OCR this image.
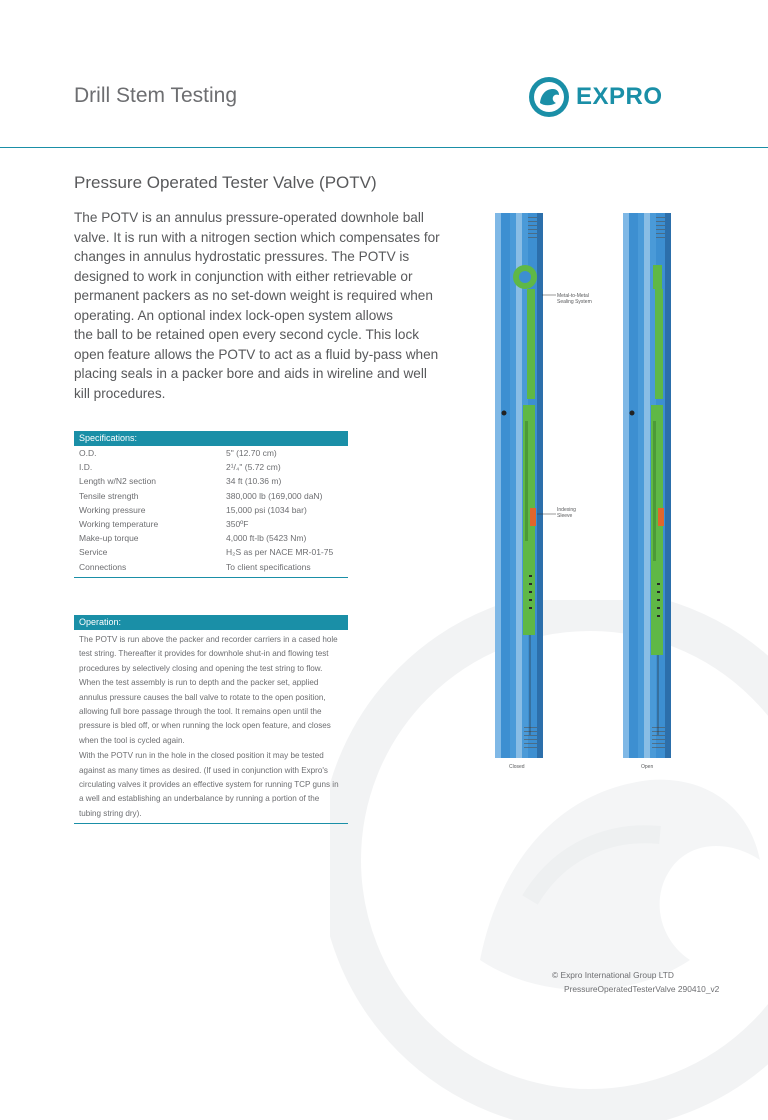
Drill Stem Testing	EXPRO
Pressure Operated Tester Valve (POTV)
The POTV is an annulus pressure-operated downhole ball
valve. It is run with a nitrogen section which compensates for
changes in annulus hydrostatic pressures. The POTV is
designed to work in conjunction with either retrievable or
permanent packers as no set-down weight is required when
operating. An optional index lock-open system allows
the ball to be retained open every second cycle. This lock
open feature allows the POTV to act as a fluid by-pass when
placing seals in a packer bore and aids in wireline and well
kill procedures.
Specifications:
O.D.	5" (12.70 cm)
I.D.	2¹/₄" (5.72 cm)
Length w/N2 section	34 ft (10.36 m)
Tensile strength	380,000 lb (169,000 daN)
Working pressure	15,000 psi (1034 bar)
Working temperature	350ºF
Make-up torque	4,000 ft-lb (5423 Nm)
Service	H₂S as per NACE MR-01-75
Connections	To client specifications
Operation:

The POTV is run above the packer and recorder carriers in a cased hole test string. Thereafter it provides for downhole shut-in and flowing test procedures by selectively closing and opening the test string to flow. When the test assembly is run to depth and the packer set, applied annulus pressure causes the ball valve to rotate to the open position, allowing full bore passage through the tool. It remains open until the pressure is bled off, or when running the lock open feature, and closes when the tool is cycled again.

With the POTV run in the hole in the closed position it may be tested against as many times as desired. (If used in conjunction with Expro's circulating valves it provides an effective system for running TCP guns in a well and establishing an underbalance by running a portion of the tubing string dry).

Metal-to-Metal
Sealing System
Indexing
Sleeve
Closed	Open
© Expro International Group LTD
PressureOperatedTesterValve 290410_v2
